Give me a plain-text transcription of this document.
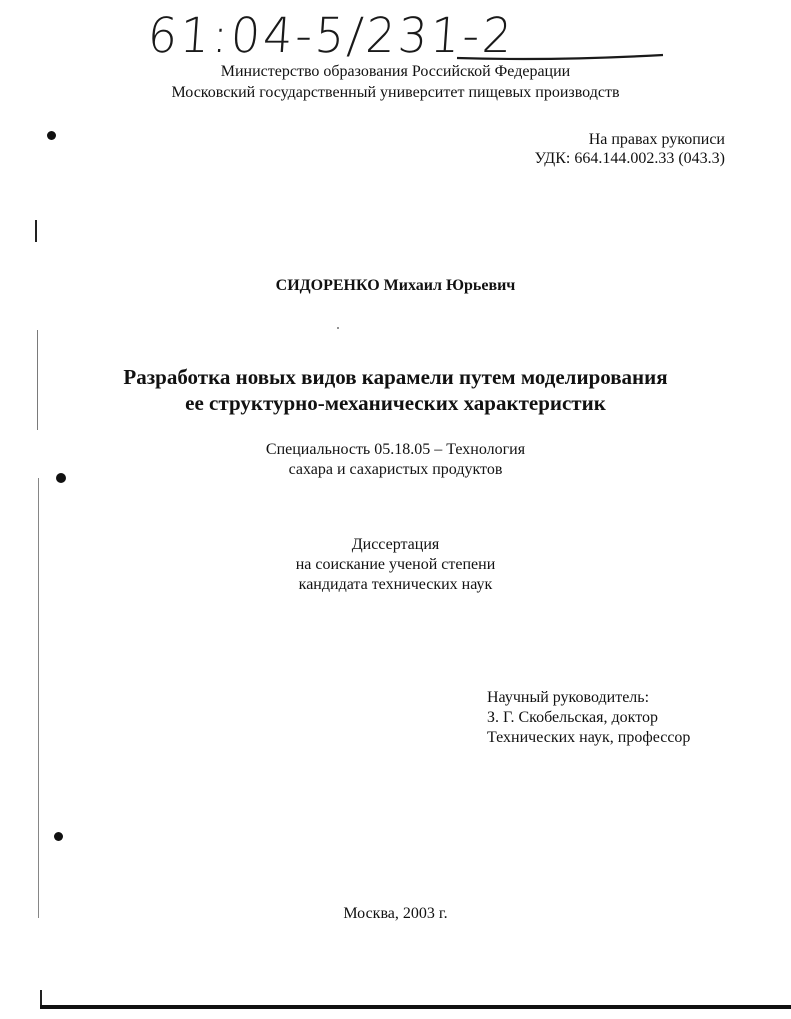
61:04-5/231-2

Министерство образования Российской Федерации

Московский государственный университет пищевых производств

На правах рукописи

УДК: 664.144.002.33 (043.3)

СИДОРЕНКО Михаил Юрьевич

Разработка новых видов карамели путем моделирования

ее структурно-механических характеристик

Специальность 05.18.05 – Технология

сахара и сахаристых продуктов

Диссертация

на соискание ученой степени

кандидата технических наук

Научный руководитель:

З. Г. Скобельская, доктор

Технических наук, профессор

Москва, 2003 г.
